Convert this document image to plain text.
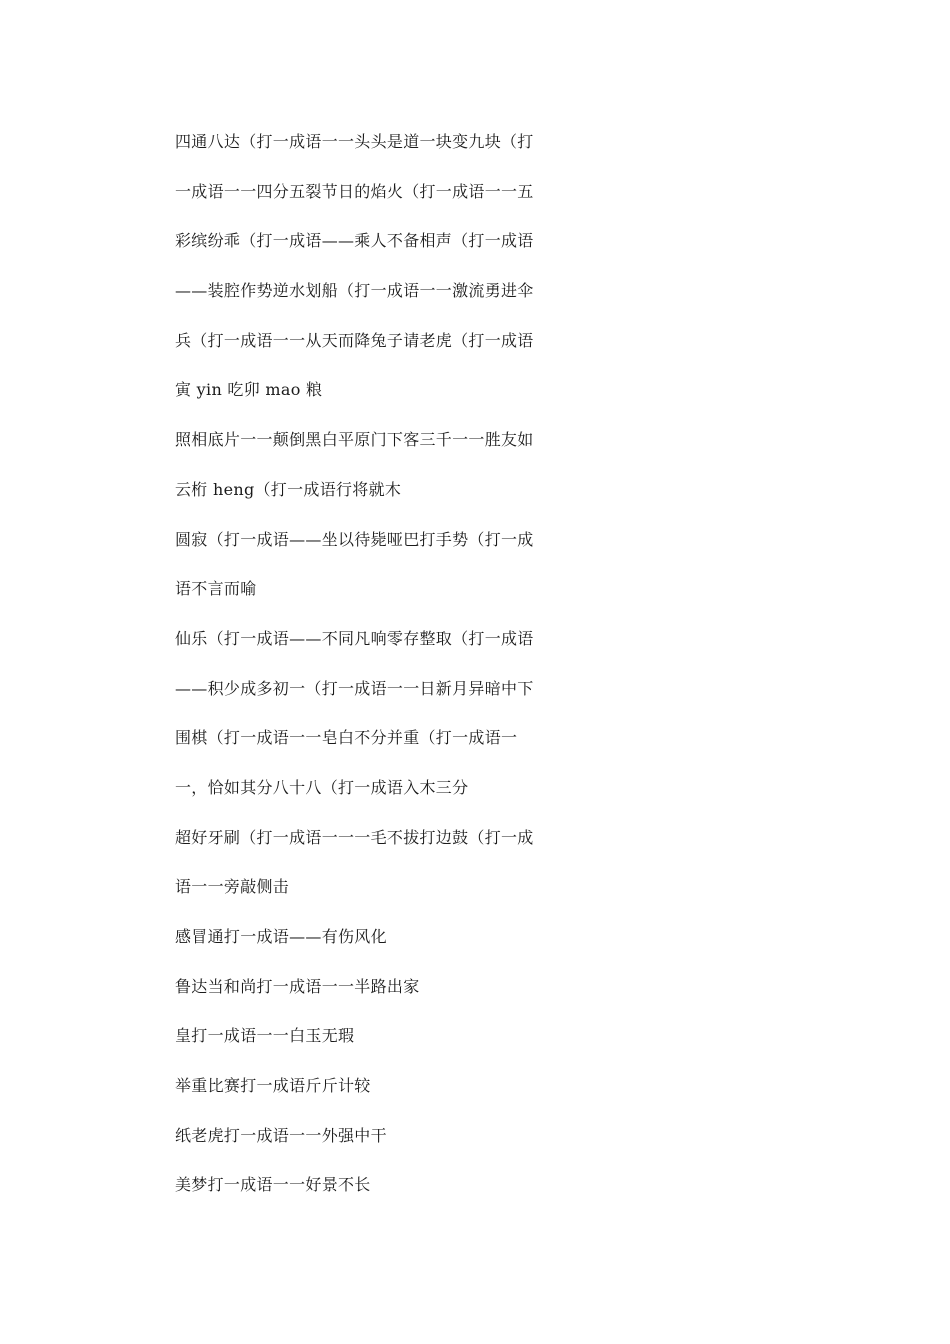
四通八达（打一成语一一头头是道一块变九块（打
一成语一一四分五裂节日的焰火（打一成语一一五
彩缤纷乖（打一成语——乘人不备相声（打一成语
——装腔作势逆水划船（打一成语一一激流勇进伞
兵（打一成语一一从天而降兔子请老虎（打一成语
寅 yin 吃卯 mao 粮
照相底片一一颠倒黑白平原门下客三千一一胜友如
云桁 heng（打一成语行将就木
圆寂（打一成语——坐以待毙哑巴打手势（打一成
语不言而喻
仙乐（打一成语——不同凡响零存整取（打一成语
——积少成多初一（打一成语一一日新月异暗中下
围棋（打一成语一一皂白不分并重（打一成语一
一，恰如其分八十八（打一成语入木三分
超好牙刷（打一成语一一一毛不拔打边鼓（打一成
语一一旁敲侧击
感冒通打一成语——有伤风化
鲁达当和尚打一成语一一半路出家
皇打一成语一一白玉无瑕
举重比赛打一成语斤斤计较
纸老虎打一成语一一外强中干
美梦打一成语一一好景不长
